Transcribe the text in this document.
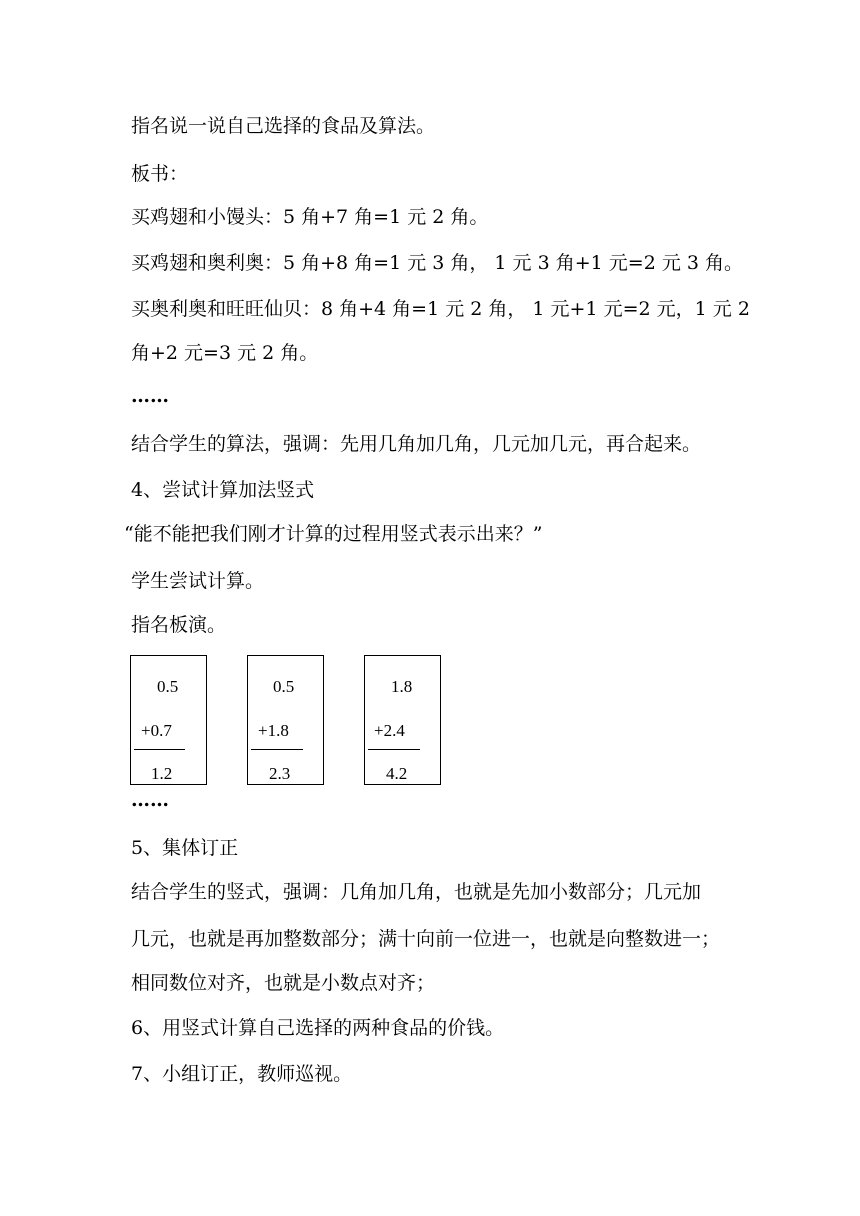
指名说一说自己选择的食品及算法。

板书：

买鸡翅和小馒头：5 角+7 角=1 元 2 角。

买鸡翅和奥利奥：5 角+8 角=1 元 3 角， 1 元 3 角+1 元=2 元 3 角。

买奥利奥和旺旺仙贝：8 角+4 角=1 元 2 角， 1 元+1 元=2 元，1 元 2

角+2 元=3 元 2 角。

……

结合学生的算法，强调：先用几角加几角，几元加几元，再合起来。

4、尝试计算加法竖式

“能不能把我们刚才计算的过程用竖式表示出来？”

学生尝试计算。

指名板演。

0.5
+0.7
1.2
0.5
+1.8
2.3
1.8
+2.4
4.2

……

5、集体订正

结合学生的竖式，强调：几角加几角，也就是先加小数部分；几元加

几元，也就是再加整数部分；满十向前一位进一，也就是向整数进一；

相同数位对齐，也就是小数点对齐；

6、用竖式计算自己选择的两种食品的价钱。

7、小组订正，教师巡视。
